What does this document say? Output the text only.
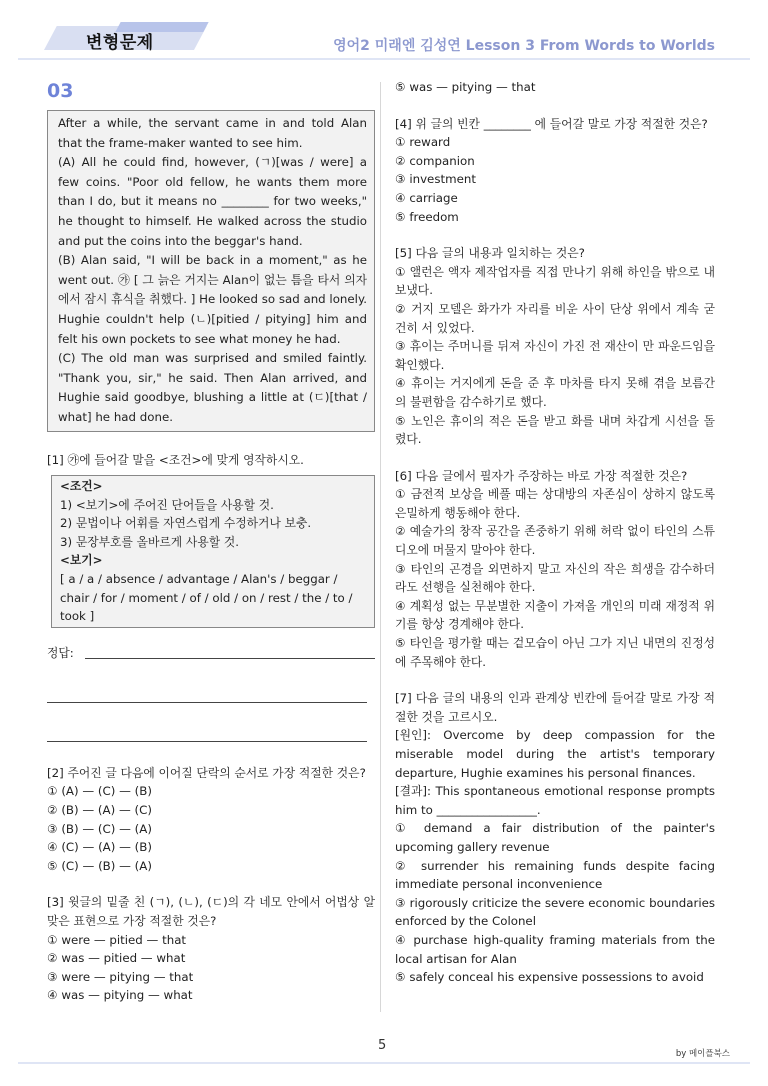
변형문제	영어2 미래엔 김성연 Lesson 3 From Words to Worlds
03

After a while, the servant came in and told Alan that the frame-maker wanted to see him.

(A) All he could find, however, (ㄱ)[was / were] a few coins. "Poor old fellow, he wants them more than I do, but it means no ________ for two weeks," he thought to himself. He walked across the studio and put the coins into the beggar's hand.

(B) Alan said, "I will be back in a moment," as he went out. ㉮ [ 그 늙은 거지는 Alan이 없는 틈을 타서 의자에서 잠시 휴식을 취했다. ] He looked so sad and lonely. Hughie couldn't help (ㄴ)[pitied / pitying] him and felt his own pockets to see what money he had.

(C) The old man was surprised and smiled faintly. "Thank you, sir," he said. Then Alan arrived, and Hughie said goodbye, blushing a little at (ㄷ)[that / what] he had done.

[1] ㉮에 들어갈 말을 <조건>에 맞게 영작하시오.
<조건>
1) <보기>에 주어진 단어들을 사용할 것.
2) 문법이나 어휘를 자연스럽게 수정하거나 보충.
3) 문장부호를 올바르게 사용할 것.
<보기>
[ a / a / absence / advantage / Alan's / beggar / chair / for / moment / of / old / on / rest / the / to / took ]
정답:
[2] 주어진 글 다음에 이어질 단락의 순서로 가장 적절한 것은?
① (A) — (C) — (B)
② (B) — (A) — (C)
③ (B) — (C) — (A)
④ (C) — (A) — (B)
⑤ (C) — (B) — (A)
[3] 윗글의 밑줄 친 (ㄱ), (ㄴ), (ㄷ)의 각 네모 안에서 어법상 알맞은 표현으로 가장 적절한 것은?
① were — pitied — that
② was — pitied — what
③ were — pitying — that
④ was — pitying — what
⑤ was — pitying — that
[4] 위 글의 빈칸 ________ 에 들어갈 말로 가장 적절한 것은?
① reward
② companion
③ investment
④ carriage
⑤ freedom
[5] 다음 글의 내용과 일치하는 것은?
① 앨런은 액자 제작업자를 직접 만나기 위해 하인을 밖으로 내보냈다.
② 거지 모델은 화가가 자리를 비운 사이 단상 위에서 계속 굳건히 서 있었다.
③ 휴이는 주머니를 뒤져 자신이 가진 전 재산이 만 파운드임을 확인했다.
④ 휴이는 거지에게 돈을 준 후 마차를 타지 못해 겪을 보름간의 불편함을 감수하기로 했다.
⑤ 노인은 휴이의 적은 돈을 받고 화를 내며 차갑게 시선을 돌렸다.
[6] 다음 글에서 필자가 주장하는 바로 가장 적절한 것은?
① 금전적 보상을 베풀 때는 상대방의 자존심이 상하지 않도록 은밀하게 행동해야 한다.
② 예술가의 창작 공간을 존중하기 위해 허락 없이 타인의 스튜디오에 머물지 말아야 한다.
③ 타인의 곤경을 외면하지 말고 자신의 작은 희생을 감수하더라도 선행을 실천해야 한다.
④ 계획성 없는 무분별한 지출이 가져올 개인의 미래 재정적 위기를 항상 경계해야 한다.
⑤ 타인을 평가할 때는 겉모습이 아닌 그가 지닌 내면의 진정성에 주목해야 한다.
[7] 다음 글의 내용의 인과 관계상 빈칸에 들어갈 말로 가장 적절한 것을 고르시오.
[원인]: Overcome by deep compassion for the miserable model during the artist's temporary departure, Hughie examines his personal finances.
[결과]: This spontaneous emotional response prompts him to _________________.
① demand a fair distribution of the painter's upcoming gallery revenue
② surrender his remaining funds despite facing immediate personal inconvenience
③ rigorously criticize the severe economic boundaries enforced by the Colonel
④ purchase high-quality framing materials from the local artisan for Alan
⑤ safely conceal his expensive possessions to avoid
5
by 메이플북스
